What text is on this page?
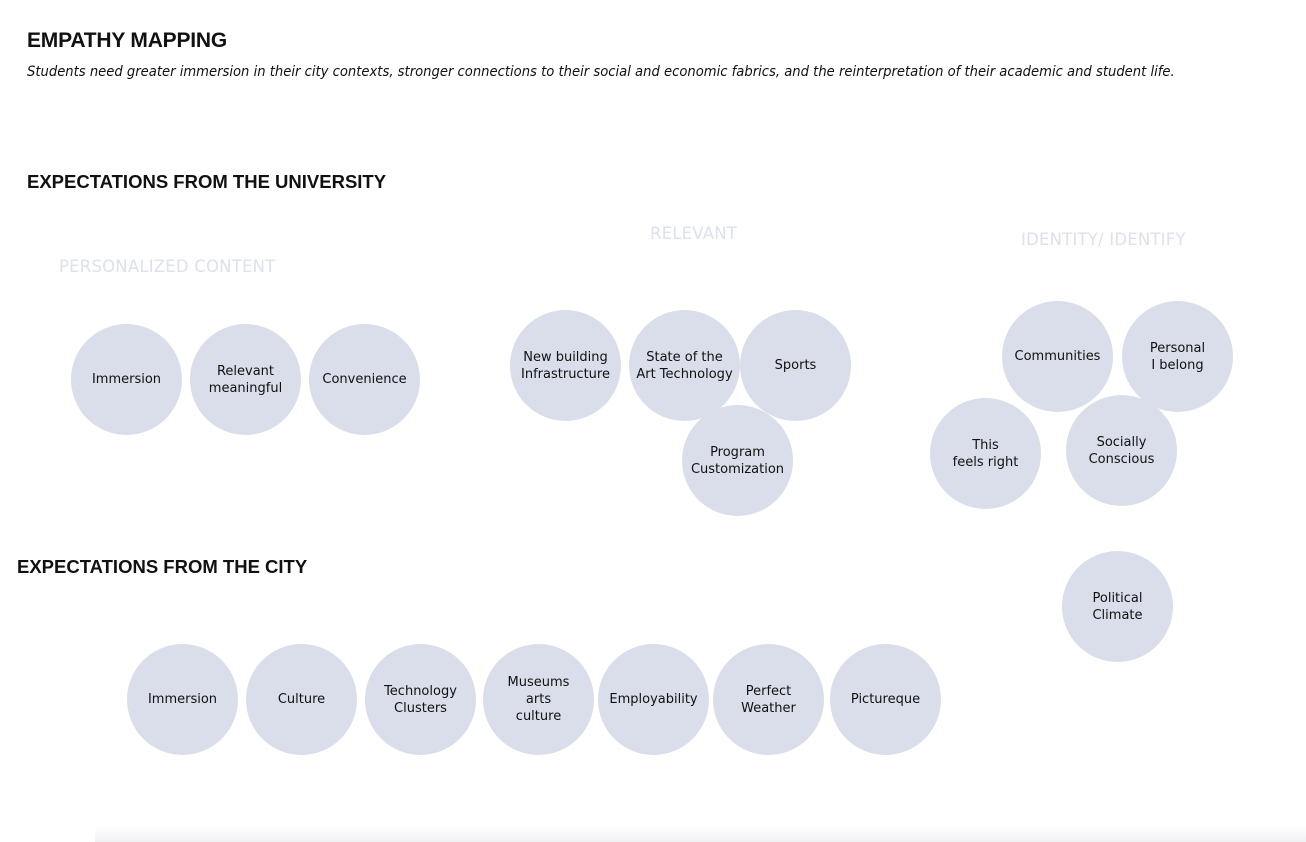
EMPATHY MAPPING
Students need greater immersion in their city contexts, stronger connections to their social and economic fabrics, and the reinterpretation of their academic and student life.
EXPECTATIONS FROM THE UNIVERSITY
PERSONALIZED CONTENT
RELEVANT	IDENTITY/ IDENTIFY
Immersion
Relevant
meaningful
Convenience
New building
Infrastructure
State of the
Art Technology
Sports
Program
Customization
Communities
Personal
I belong
This
feels right
Socially
Conscious
Political
Climate
EXPECTATIONS FROM THE CITY
Immersion	Culture
Technology
Clusters
Museums
arts
culture
Employability
Perfect
Weather
Pictureque
